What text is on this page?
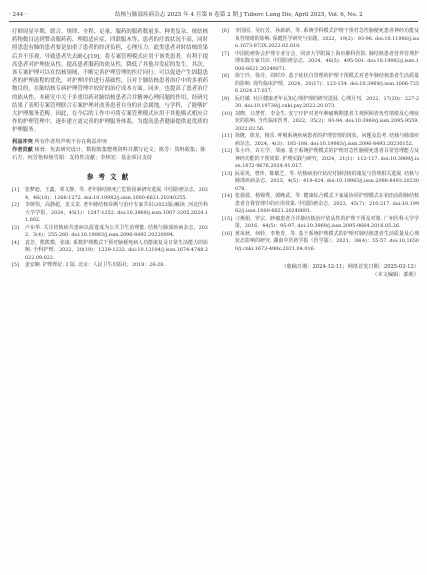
· 244 ·	结核与肺部疾病杂志 2025 年 4 月第 6 卷第 2 期 J Tuberc Lung Dis, April 2025, Vol. 6, No. 2

疗师周星早期、联合、规律、全程、足量、服药的服药数量多、种类复杂，统结核药物数目达到警动服药药、理稳适应症，四联服木等，患者的疗效状况不高，同时照患患有肺的患者要是加重了患者的经济负担，心理压力。此类患者对时结核的果后并不乐观，导致患者失去耐心[19]。将专案管理模式应用于该类患者，有利于提高患者对护理依从性，提高患者服药的依从性，降低了其他并发症的发生。其次，该专案护理可以在结核领域，不断完善护理管理的医疗同行。可以促进产生固稳患者的护理流程的优化，对护理评价进行基础性，且对于肺结核患者治疗中的多重药物目的，在肺结核专病护理管理中较好的治疗成本方面。同步，也提高了患者治疗的依从性。本研究中关于多重用药对肺结核患者合并精神心理问题的作用，经研究结果了表明专案管理联合专案护理对改善患者自身的社会属地，与学科，了能够扩大护理服务范畴。因此，在今后的工作中可将专案管理模式应用于其他模式相应合作的护理管理中，逐步建立更完善的护理服务体系，为提高患者健康提供更优质的护理服务。

利益冲突 所有作者均声明不存在利益冲突

作者贡献 杨蓉：负责研究设计、数据收集整理资料并撰写论文；陈芳：资料收集；陈石方、何芳艳和杨雪娟：支持性贡献；李林宏：基金项目支持

参考文献

[1] 张梦迪，王鑫，邓文静，等. 老年肺结核死亡危险因素研究进展. 中国防痨杂志，2024，46(10)：1266-1272. doi:10.19982/j.issn.1000-6621.20240255.

[2] 李树伟，高静超，龙义龙. 老年肺结核诊断与治疗专家共识(2023版)解读. 河北医科大学学报，2024，45(1)：1247-1252. doi:10.3969/j.issn.1007-3205.2024.11.002.

[3] 卢东华. 关注结核病共患病以促进成为公共卫生治理能. 结核与肺部疾病杂志，2022，3(4)：255-260. doi:10.19983/j.issn.2096-8493.20220094.

[4] 袁芳，熊熊模，张康. 系数护理模式干预对脑梗死病人功能康复及日常生活能力的影响. 全科护理，2022，20(19)：1229-1232. doi:10.12104/j.issn.1674-4748.2022.09.022.

[5] 姜安娴. 护理理论. 2 版. 北京：人民卫生出版社，2018：26-28.

[6] 李国园，吴红芳，孙新新，等. 系统学科模式护理干预对急性脑梗死患者神经功能及负性情绪的影响. 保健医学研究与实践，2022，19(2)：93-96. doi:10.11986/j.issn.1673-873X.2022.02.018.

[7] 中国防痨协会护理专业分会，同济大学附属上海市肺科医院. 肺结核患者营养管理护理实践专家共识. 中国防痨杂志，2024，46(5)：495-501. doi:10.19982/j.issn.1000-6621.20240071.

[8] 徐宁玲，徐丹，周时玲. 基于症状自管理的护理干预模式对老年肺结核患者生活质量的影响. 现代临床护理，2024，20(17)：123-134. doi:10.3969/j.issn.1006-7256.2024.17.037.

[9] 阮红敏. 社区健康老年认知心理护理的研究进展. 心理月刊，2022，17(20)：227-230. doi:10.19738/j.cnki.psy.2022.20.073.

[10] 刘晓，吕慧哲，李金生. 安宁疗护对老年肿瘤晚期患者主观照顾者负性情绪及心理症状的影响. 当代临床医刊，2022，35(2)：93-94. doi:10.3969/j.issn.2095-9559.2022.02.56.

[11] 徐隆，徐龙，杨乐. 呼吸系统疾病患者的护理管理的现状，问题及思考. 结核与肺部疾病杂志，2024，4(3)：185-188. doi:10.19983/j.issn.2096-8493.20230152.

[12] 朱小玲，许左学，邹丽. 基于系统护理模式的护理对急性脑梗死患者目常管理能力及神经功能的干预效果. 护理实践与研究，2024，21(1)：112-117. doi:10.3969/j.issn.1672-9676.2024.01.017.

[13] 阮荣英，曾珍，陈敏芝，等. 结核病治疗状况对肺结核的康复与管理相关进展. 结核与肺部疾病杂志，2023，4(5)：419-424. doi:10.19983/j.issn.2096-8493.20230078.

[14] 张倩倩，杨锦秀，郭晚武，等. 健康综合模式下家属协同护理模式在初治涂阳肺结核患者自我管理中的应用效果. 中国防痨杂志，2023，45(7)：210-217. doi:10.19982/j.issn.1000-6621.20240601.

[15] 刁燕娟，罗宗，肿瘤患者合并肺结核治疗依从性的护理干预及对策. 广州医科大学学报，2016，44(5)：95-97. doi:10.3969/j.issn.2095-9664.2016.05.26.

[16] 黄凤秋，何妙，李艳青，等. 基于系统护理模式的护理对肺结核患者生活质量及心理状态影响的研究. 湖南中医药学报（医学版），2021，38(4)：55-57. doi:10.16500/j.cnki.1673-498x.2021.04.016.

（收稿日期：2024-12-11；网络首发日期：2025-03-12）

（本文编辑：郭莉）
